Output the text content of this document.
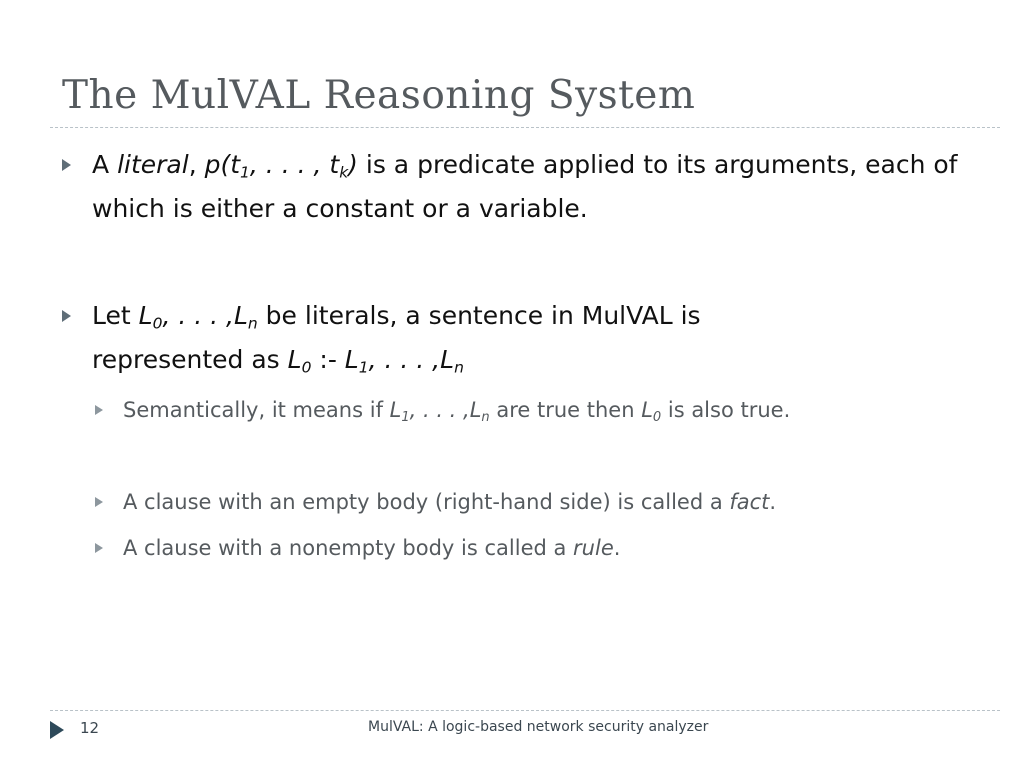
The MulVAL Reasoning System
A literal, $p(t_1$, . . . , $t_k$) is a predicate applied to its arguments, each of which is either a constant or a variable.
Let $L_0$, . . . $,L_n$ be literals, a sentence in MulVAL is represented as $L_0$ :- $L_1$, . . . $,L_n$
Semantically, it means if $L_1$, . . . $,L_n$ are true then $L_0$ is also true.
A clause with an empty body (right-hand side) is called a fact.
A clause with a nonempty body is called a rule.
12	MulVAL: A logic-based network security analyzer
